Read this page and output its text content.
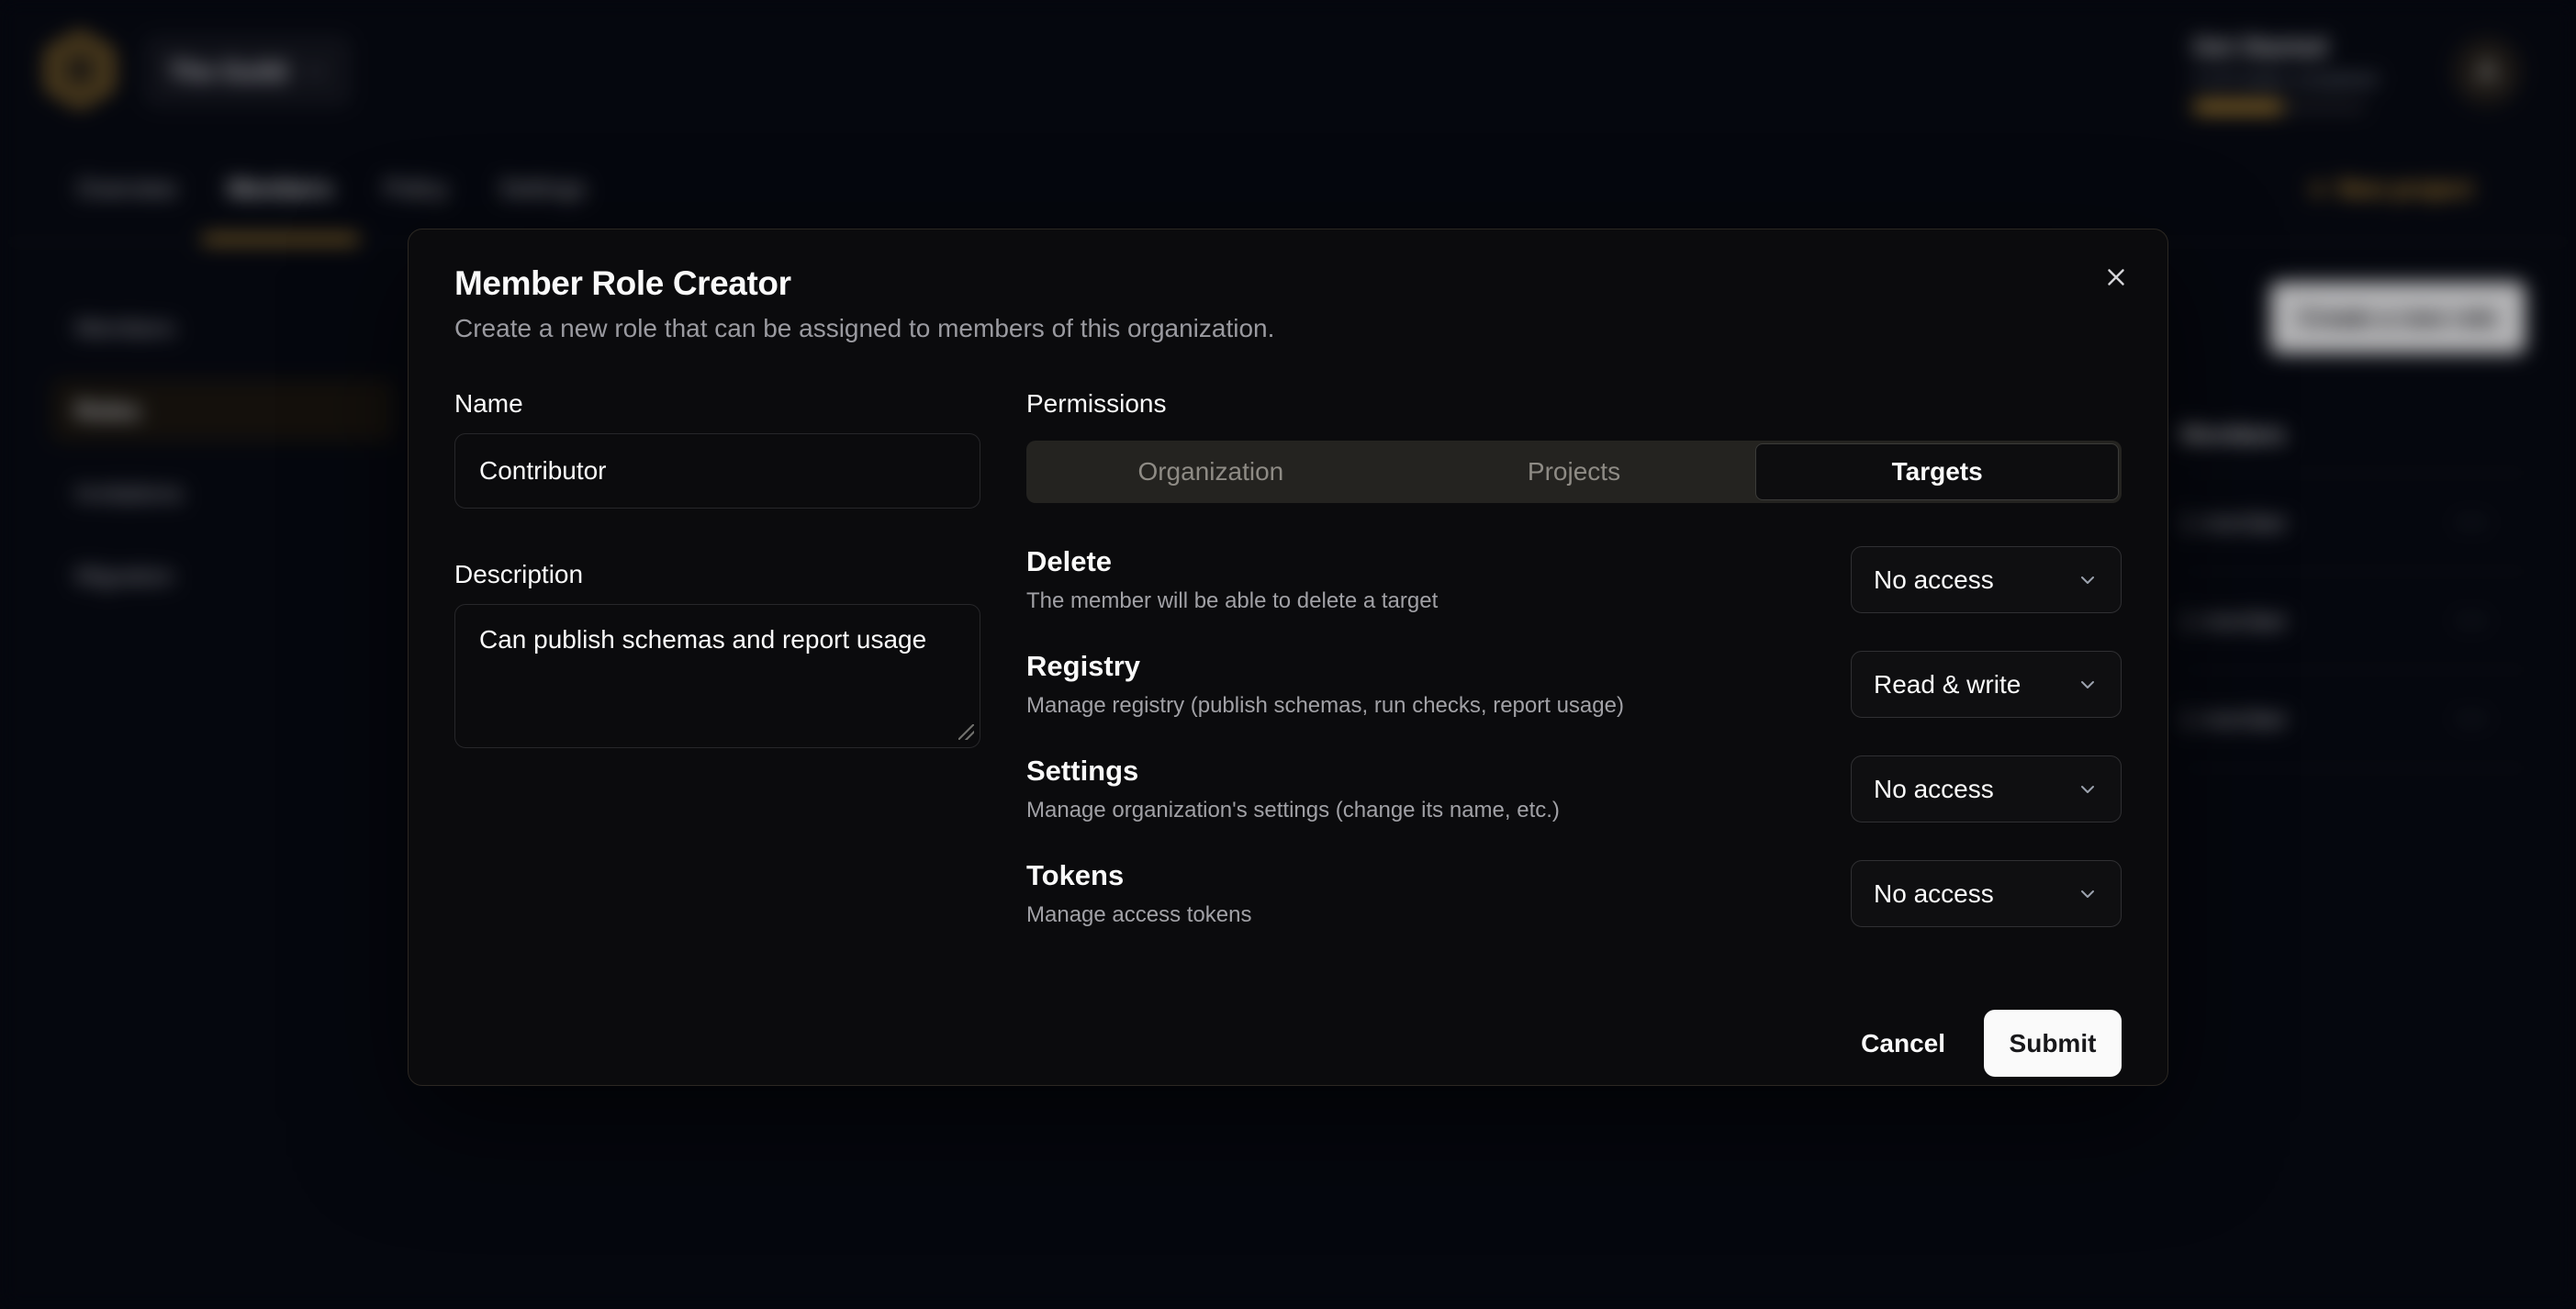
The Guild
Get Started
3 of 6 tasks completed
Overview Members Policy Settings	+ New project
Members
Roles
Invitations
Migration
Create a new role
Members
1 member	⋯
1 member	⋯
1 member	⋯
Member Role Creator
Create a new role that can be assigned to members of this organization.
Name
Contributor
Description
Can publish schemas and report usage
Permissions
Organization	Projects	Targets
Delete
The member will be able to delete a target
No access
Registry
Manage registry (publish schemas, run checks, report usage)
Read & write
Settings
Manage organization's settings (change its name, etc.)
No access
Tokens
Manage access tokens
No access
Cancel	Submit
